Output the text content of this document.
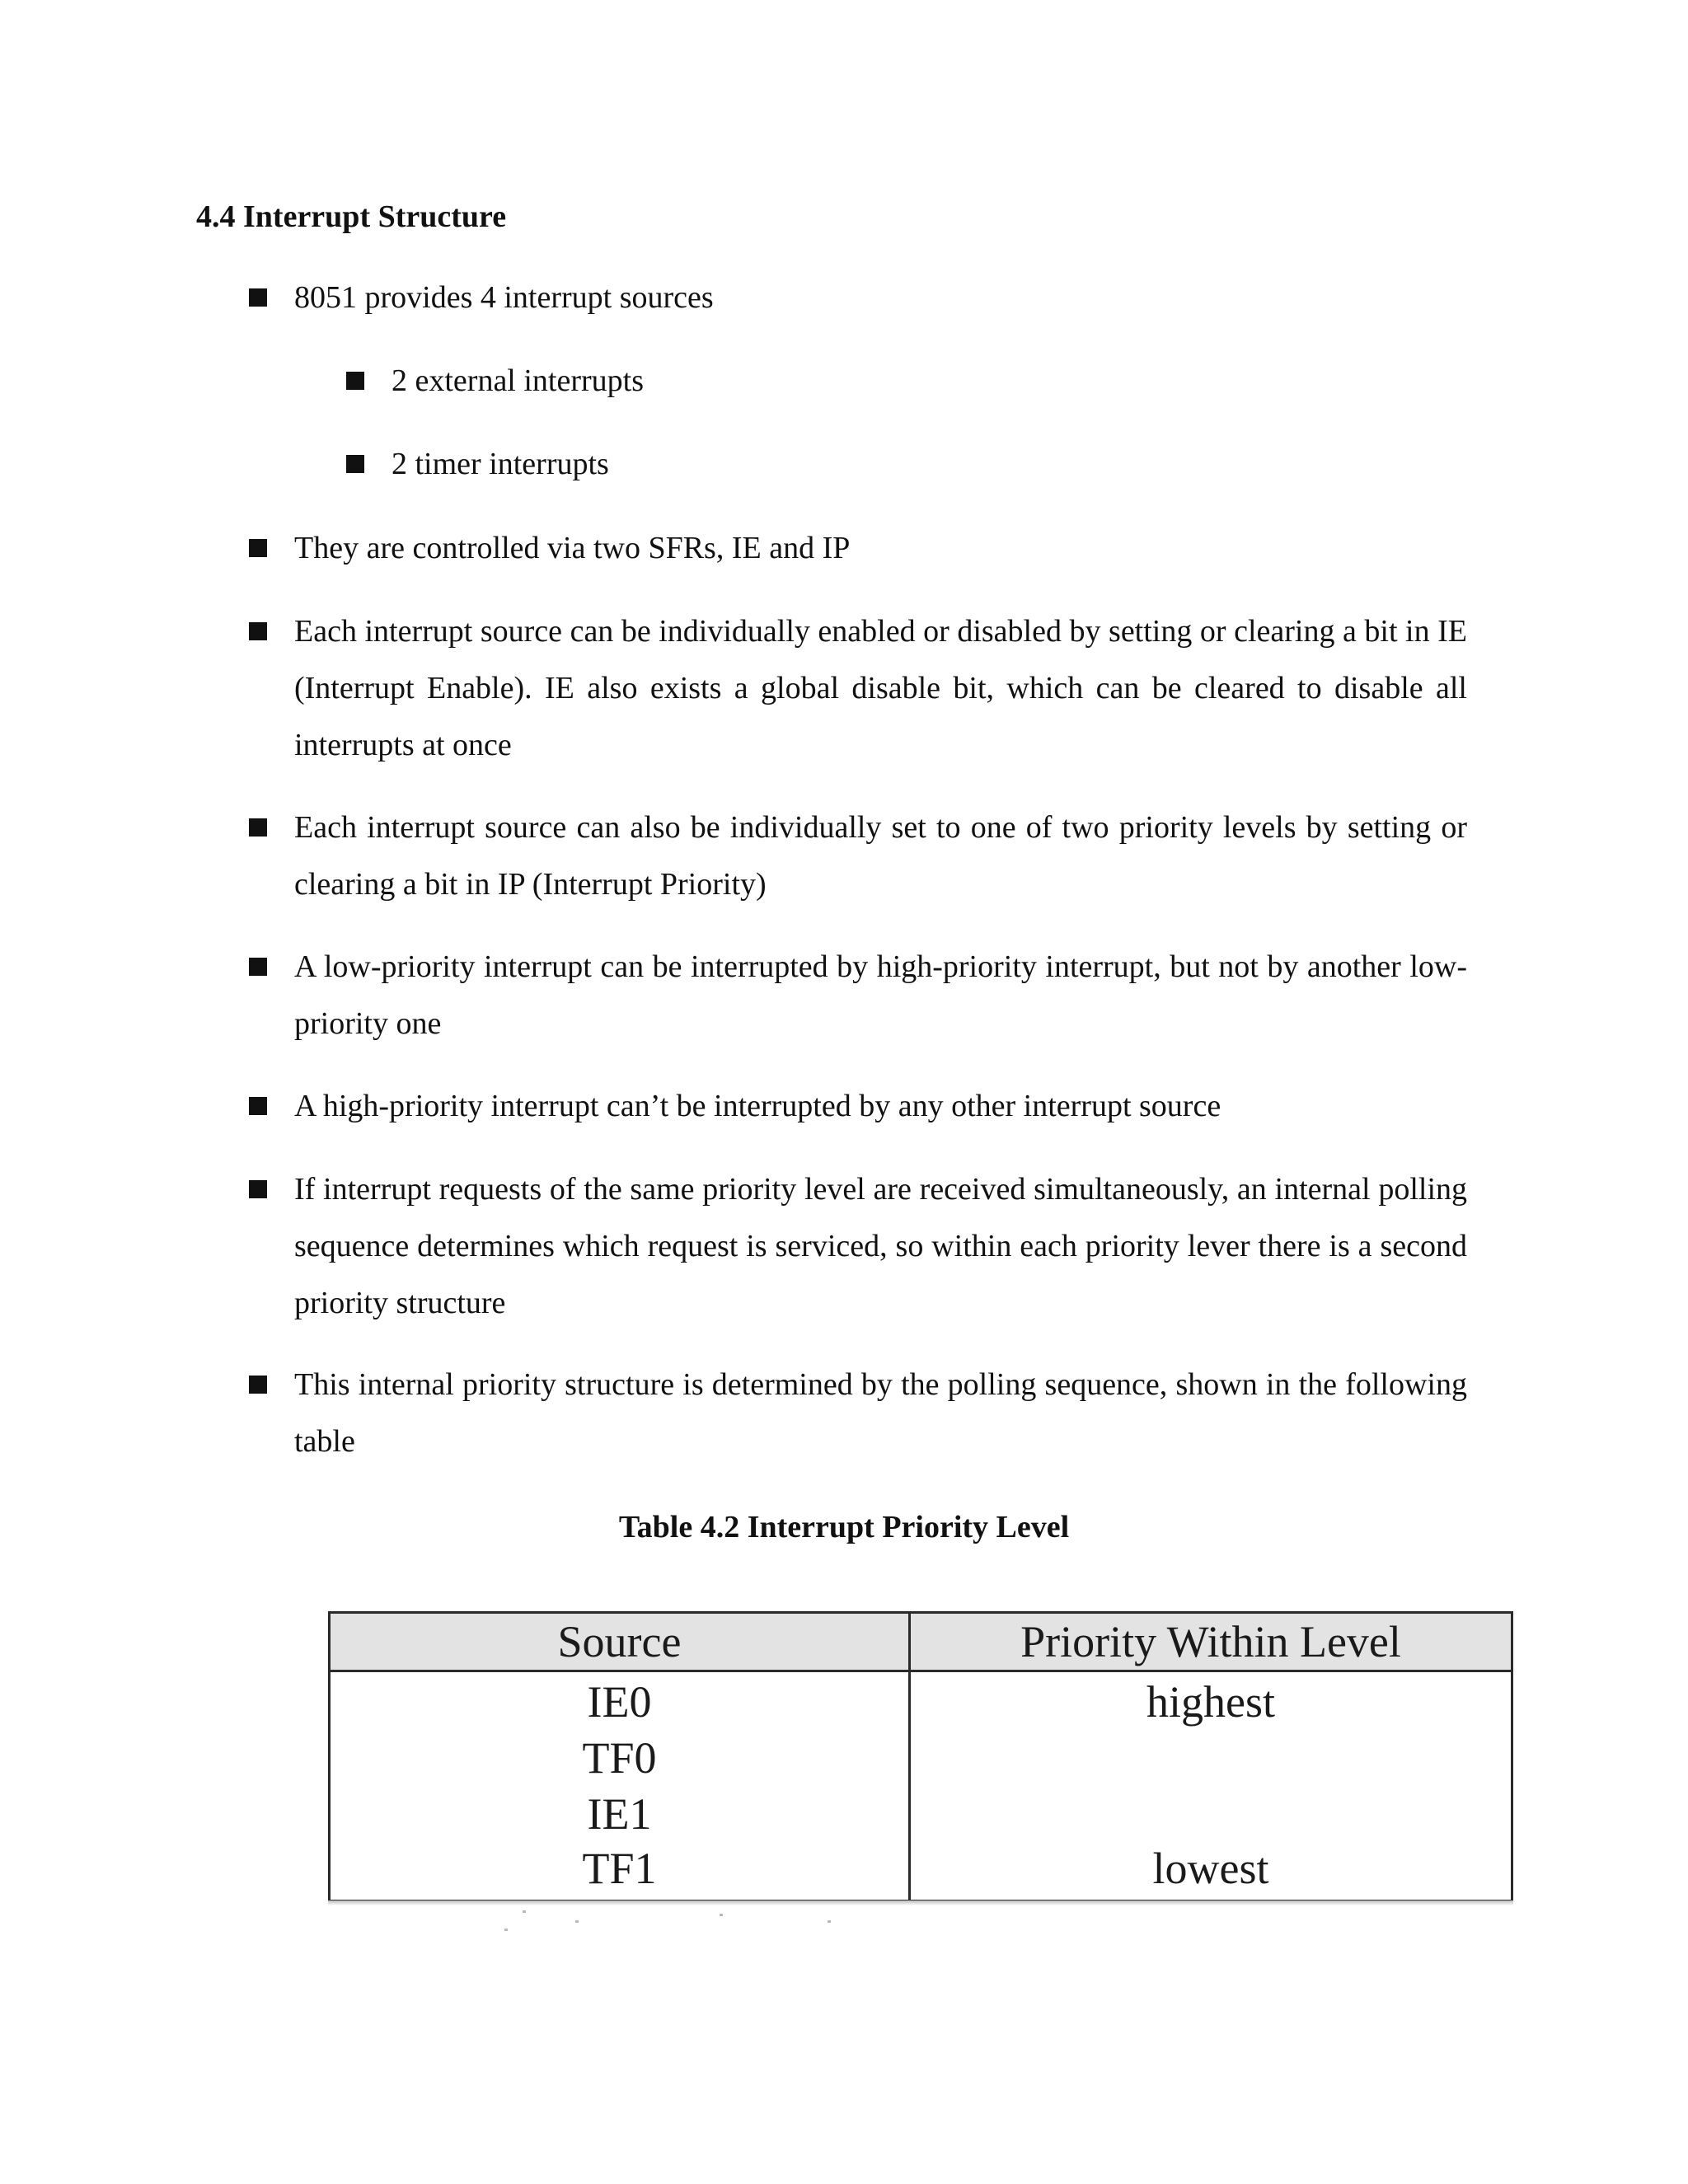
4.4 Interrupt Structure
8051 provides 4 interrupt sources
2 external interrupts
2 timer interrupts
They are controlled via two SFRs, IE and IP
Each interrupt source can be individually enabled or disabled by setting or clearing a bit in IE (Interrupt Enable). IE also exists a global disable bit, which can be cleared to disable all interrupts at once
Each interrupt source can also be individually set to one of two priority levels by setting or clearing a bit in IP (Interrupt Priority)
A low-priority interrupt can be interrupted by high-priority interrupt, but not by another low-priority one
A high-priority interrupt can’t be interrupted by any other interrupt source
If interrupt requests of the same priority level are received simultaneously, an internal polling sequence determines which request is serviced, so within each priority lever there is a second priority structure
This internal priority structure is determined by the polling sequence, shown in the following table
Table 4.2 Interrupt Priority Level
Source	Priority Within Level
IE0	highest
TF0
IE1
TF1	lowest
